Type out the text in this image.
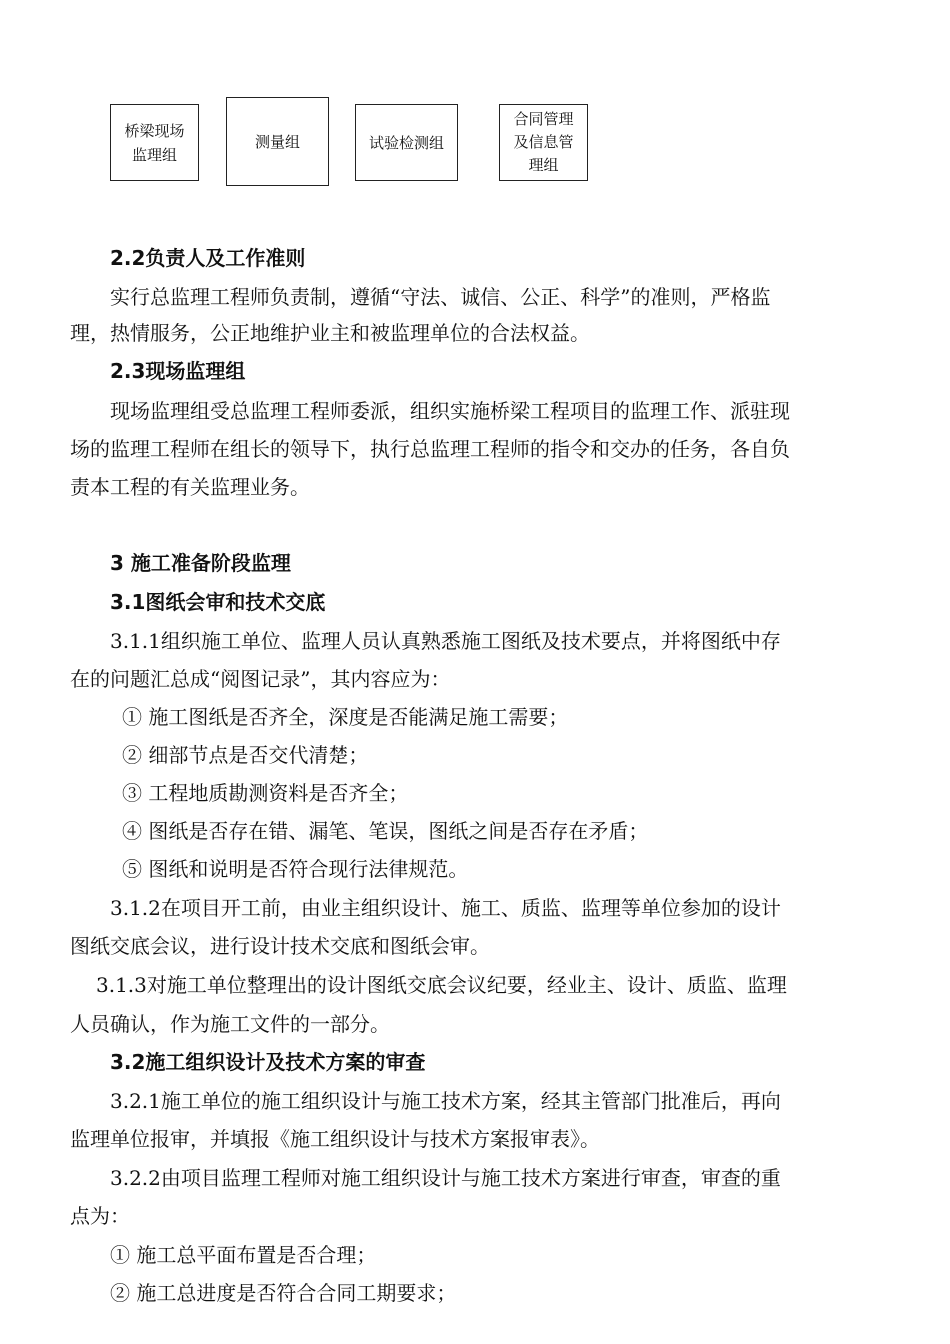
桥梁现场
监理组
测量组	试验检测组
合同管理
及信息管
理组
2.2负责人及工作准则
实行总监理工程师负责制，遵循“守法、诚信、公正、科学”的准则，严格监
理，热情服务，公正地维护业主和被监理单位的合法权益。
2.3现场监理组
现场监理组受总监理工程师委派，组织实施桥梁工程项目的监理工作、派驻现
场的监理工程师在组长的领导下，执行总监理工程师的指令和交办的任务，各自负
责本工程的有关监理业务。
3 施工准备阶段监理
3.1图纸会审和技术交底
3.1.1组织施工单位、监理人员认真熟悉施工图纸及技术要点，并将图纸中存
在的问题汇总成“阅图记录”，其内容应为：
① 施工图纸是否齐全，深度是否能满足施工需要；
② 细部节点是否交代清楚；
③ 工程地质勘测资料是否齐全；
④ 图纸是否存在错、漏笔、笔误，图纸之间是否存在矛盾；
⑤ 图纸和说明是否符合现行法律规范。
3.1.2在项目开工前，由业主组织设计、施工、质监、监理等单位参加的设计
图纸交底会议，进行设计技术交底和图纸会审。
3.1.3对施工单位整理出的设计图纸交底会议纪要，经业主、设计、质监、监理
人员确认，作为施工文件的一部分。
3.2施工组织设计及技术方案的审查
3.2.1施工单位的施工组织设计与施工技术方案，经其主管部门批准后，再向
监理单位报审，并填报《施工组织设计与技术方案报审表》。
3.2.2由项目监理工程师对施工组织设计与施工技术方案进行审查，审查的重
点为：
① 施工总平面布置是否合理；
② 施工总进度是否符合合同工期要求；
